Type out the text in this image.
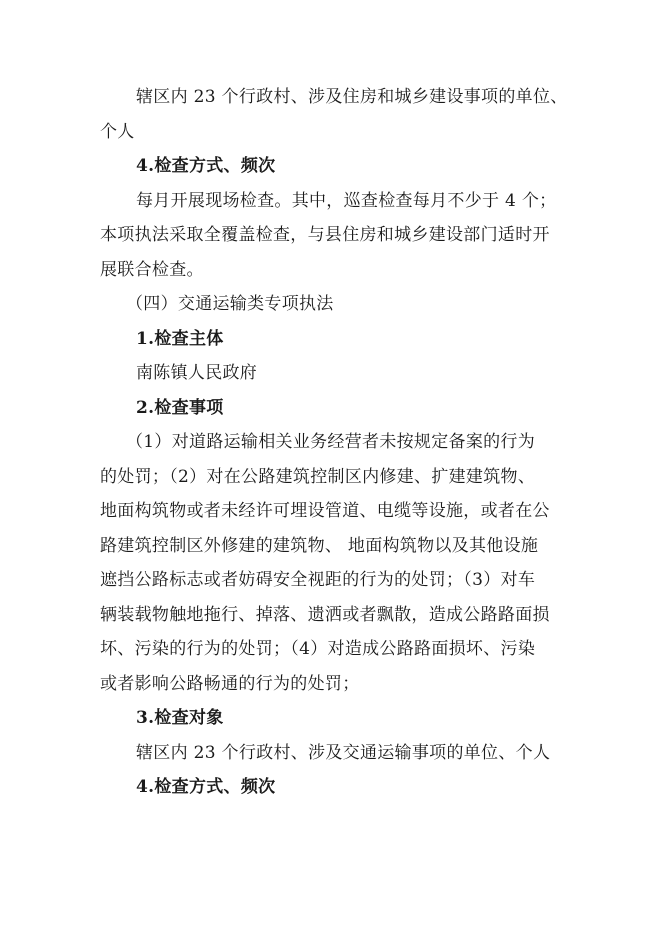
辖区内 23 个行政村、涉及住房和城乡建设事项的单位、
个人
4.检查方式、频次
每月开展现场检查。其中，巡查检查每月不少于 4 个；
本项执法采取全覆盖检查，与县住房和城乡建设部门适时开
展联合检查。
（四）交通运输类专项执法
1.检查主体
南陈镇人民政府
2.检查事项
（1）对道路运输相关业务经营者未按规定备案的行为
的处罚；（2）对在公路建筑控制区内修建、扩建建筑物、
地面构筑物或者未经许可埋设管道、电缆等设施，或者在公
路建筑控制区外修建的建筑物、 地面构筑物以及其他设施
遮挡公路标志或者妨碍安全视距的行为的处罚；（3）对车
辆装载物触地拖行、掉落、遗洒或者飘散，造成公路路面损
坏、污染的行为的处罚；（4）对造成公路路面损坏、污染
或者影响公路畅通的行为的处罚；
3.检查对象
辖区内 23 个行政村、涉及交通运输事项的单位、个人
4.检查方式、频次
